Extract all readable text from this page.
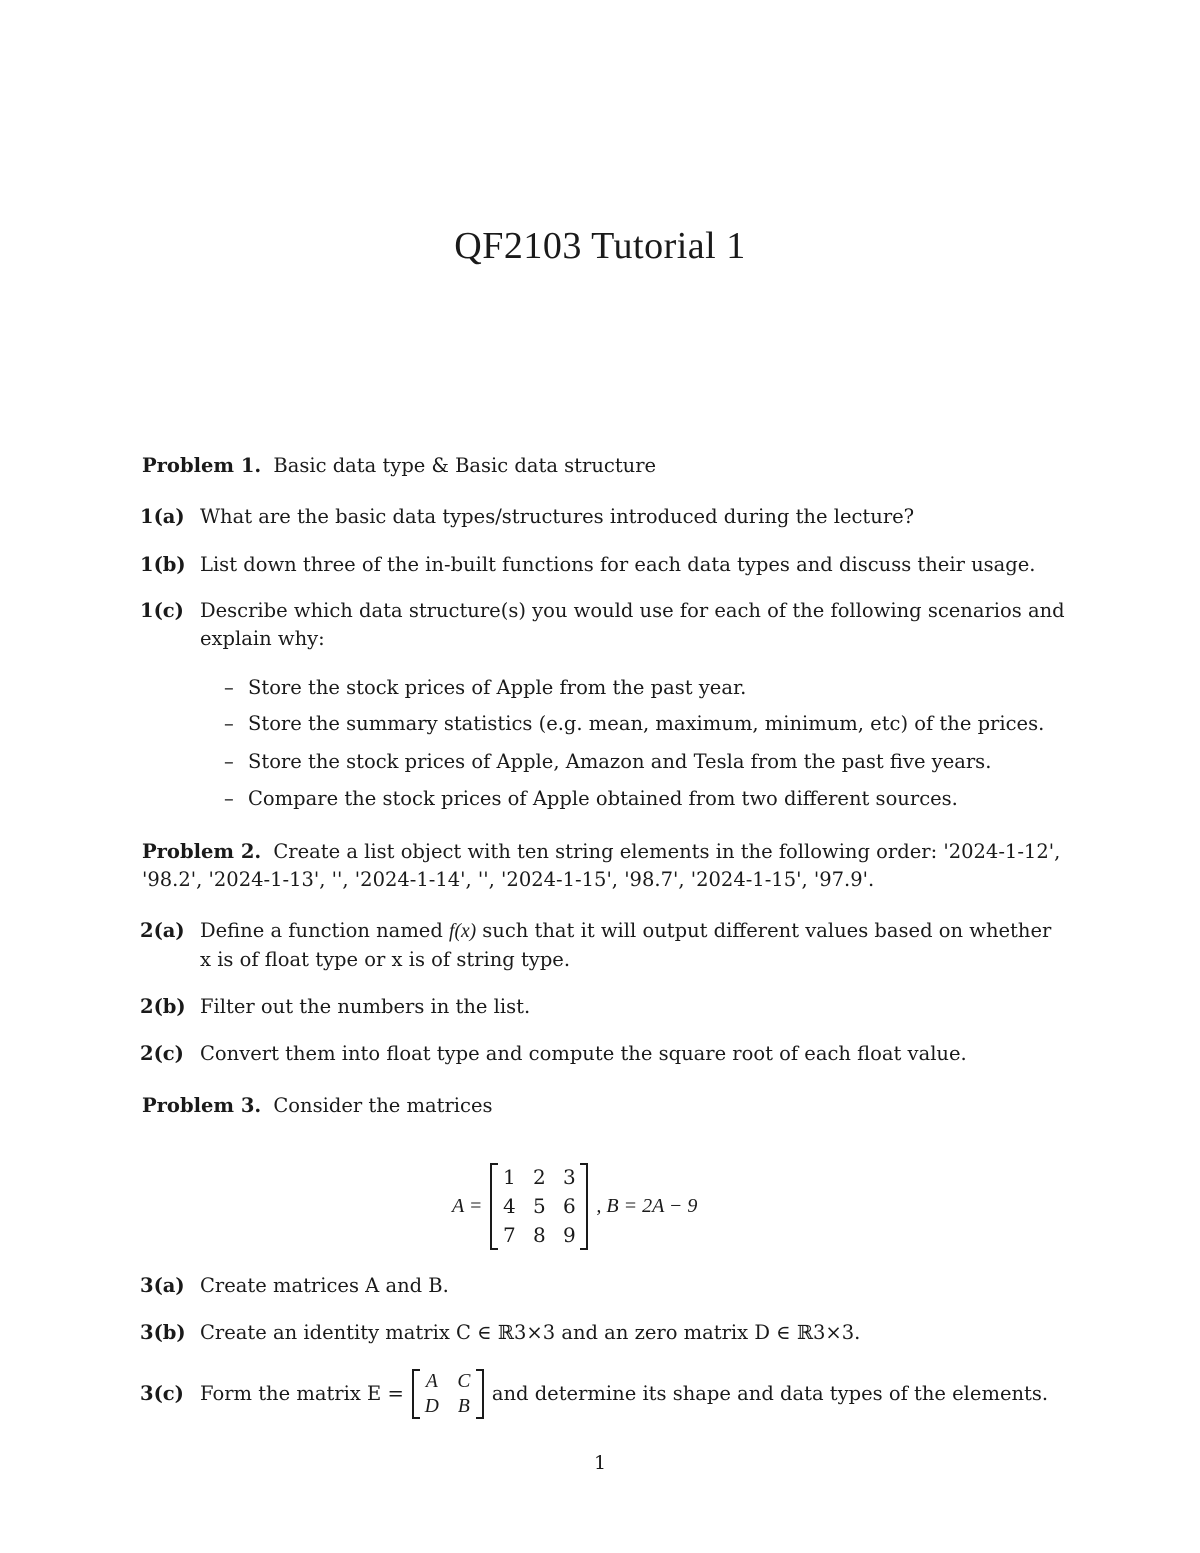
QF2103 Tutorial 1
Problem 1. Basic data type & Basic data structure
1(a) What are the basic data types/structures introduced during the lecture?
1(b) List down three of the in-built functions for each data types and discuss their usage.
1(c) Describe which data structure(s) you would use for each of the following scenarios and explain why:
– Store the stock prices of Apple from the past year.
– Store the summary statistics (e.g. mean, maximum, minimum, etc) of the prices.
– Store the stock prices of Apple, Amazon and Tesla from the past five years.
– Compare the stock prices of Apple obtained from two different sources.
Problem 2. Create a list object with ten string elements in the following order: '2024-1-12',
'98.2', '2024-1-13', '', '2024-1-14', '', '2024-1-15', '98.7', '2024-1-15', '97.9'.
2(a) Define a function named f(x) such that it will output different values based on whether
x is of float type or x is of string type.
2(b) Filter out the numbers in the list.
2(c) Convert them into float type and compute the square root of each float value.
Problem 3. Consider the matrices
A =
1 2 3
4 5 6
7 8 9
, B = 2A − 9
3(a) Create matrices A and B.
3(b) Create an identity matrix C ∈ ℝ3×3 and an zero matrix D ∈ ℝ3×3.
3(c) Form the matrix E =
A C
D B
and determine its shape and data types of the elements.
1
